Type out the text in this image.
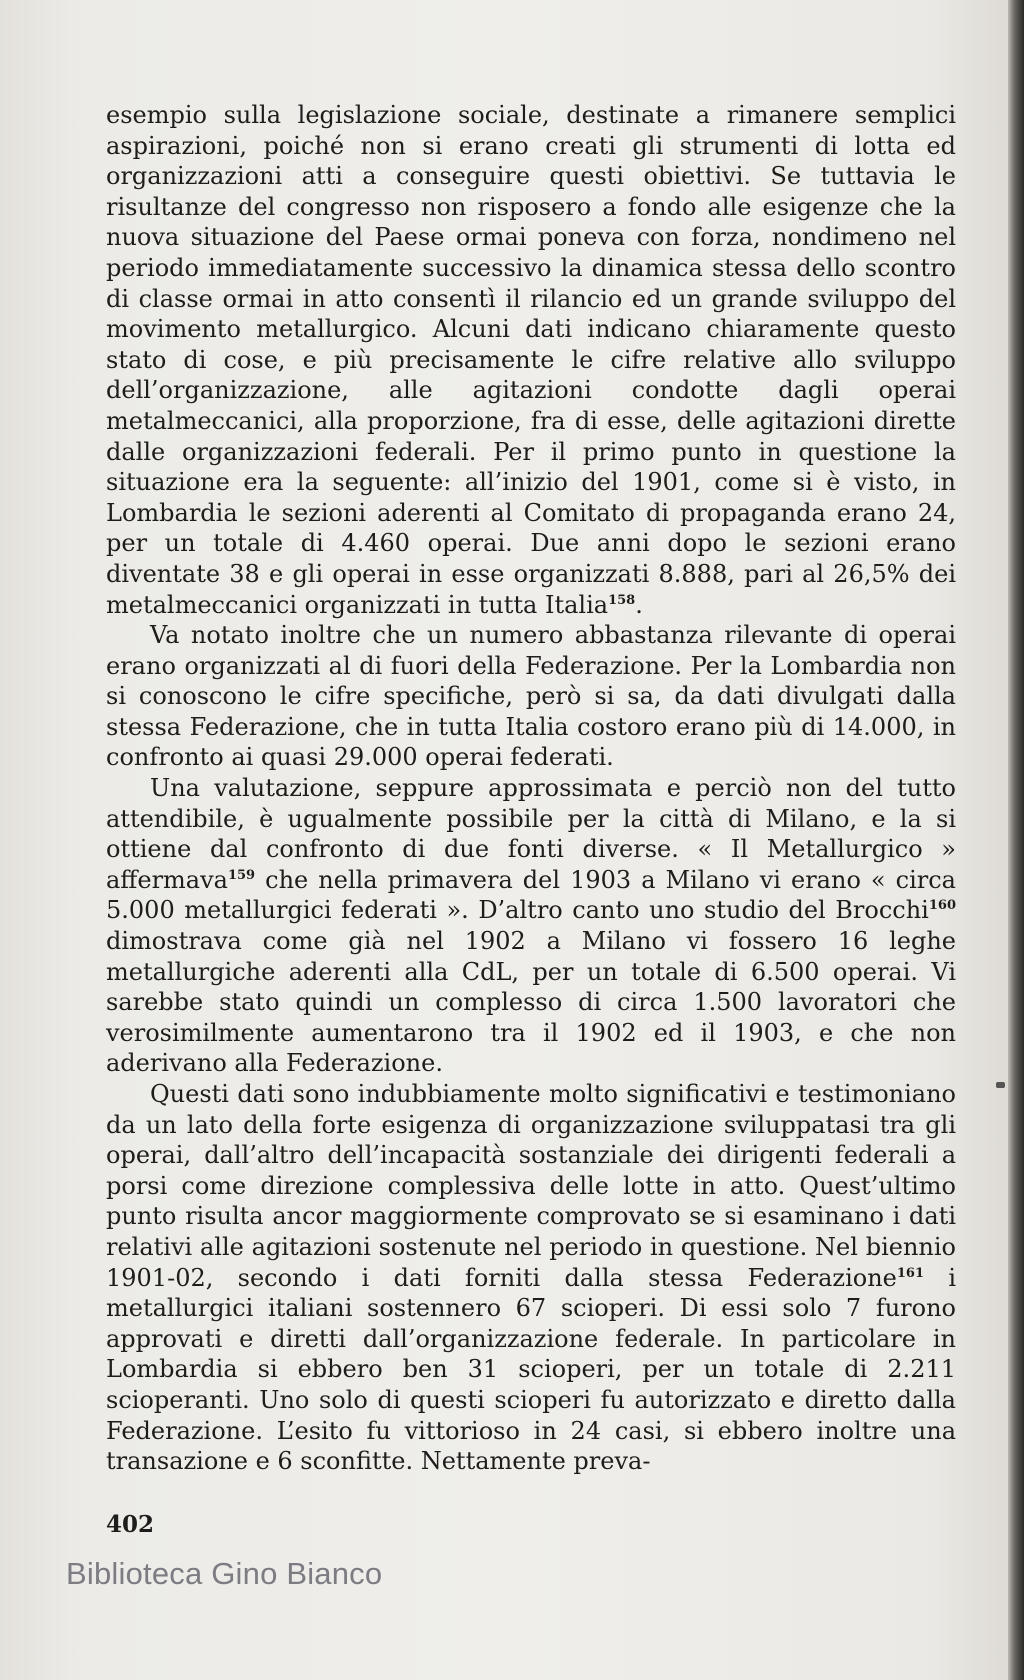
esempio sulla legislazione sociale, destinate a rimanere semplici aspirazioni, poiché non si erano creati gli strumenti di lotta ed organizzazioni atti a conseguire questi obiettivi. Se tuttavia le risultanze del congresso non risposero a fondo alle esigenze che la nuova situazione del Paese ormai poneva con forza, nondimeno nel periodo immediatamente successivo la dinamica stessa dello scontro di classe ormai in atto consentì il rilancio ed un grande sviluppo del movimento metallurgico. Alcuni dati indicano chiaramente questo stato di cose, e più precisamente le cifre relative allo sviluppo dell’organizzazione, alle agitazioni condotte dagli operai metalmeccanici, alla proporzione, fra di esse, delle agitazioni dirette dalle organizzazioni federali. Per il primo punto in questione la situazione era la seguente: all’inizio del 1901, come si è visto, in Lombardia le sezioni aderenti al Comitato di propaganda erano 24, per un totale di 4.460 operai. Due anni dopo le sezioni erano diventate 38 e gli operai in esse organizzati 8.888, pari al 26,5% dei metalmeccanici organizzati in tutta Italia$^{158}$.

Va notato inoltre che un numero abbastanza rilevante di operai erano organizzati al di fuori della Federazione. Per la Lombardia non si conoscono le cifre specifiche, però si sa, da dati divulgati dalla stessa Federazione, che in tutta Italia costoro erano più di 14.000, in confronto ai quasi 29.000 operai federati.

Una valutazione, seppure approssimata e perciò non del tutto attendibile, è ugualmente possibile per la città di Milano, e la si ottiene dal confronto di due fonti diverse. « Il Metallurgico » affermava$^{159}$ che nella primavera del 1903 a Milano vi erano « circa 5.000 metallurgici federati ». D’altro canto uno studio del Brocchi$^{160}$ dimostrava come già nel 1902 a Milano vi fossero 16 leghe metallurgiche aderenti alla CdL, per un totale di 6.500 operai. Vi sarebbe stato quindi un complesso di circa 1.500 lavoratori che verosimilmente aumentarono tra il 1902 ed il 1903, e che non aderivano alla Federazione.

Questi dati sono indubbiamente molto significativi e testimoniano da un lato della forte esigenza di organizzazione sviluppatasi tra gli operai, dall’altro dell’incapacità sostanziale dei dirigenti federali a porsi come direzione complessiva delle lotte in atto. Quest’ultimo punto risulta ancor maggiormente comprovato se si esaminano i dati relativi alle agitazioni sostenute nel periodo in questione. Nel biennio 1901-02, secondo i dati forniti dalla stessa Federazione$^{161}$ i metallurgici italiani sostennero 67 scioperi. Di essi solo 7 furono approvati e diretti dall’organizzazione federale. In particolare in Lombardia si ebbero ben 31 scioperi, per un totale di 2.211 scioperanti. Uno solo di questi scioperi fu autorizzato e diretto dalla Federazione. L’esito fu vittorioso in 24 casi, si ebbero inoltre una transazione e 6 sconfitte. Nettamente preva-

402
Biblioteca Gino Bianco
